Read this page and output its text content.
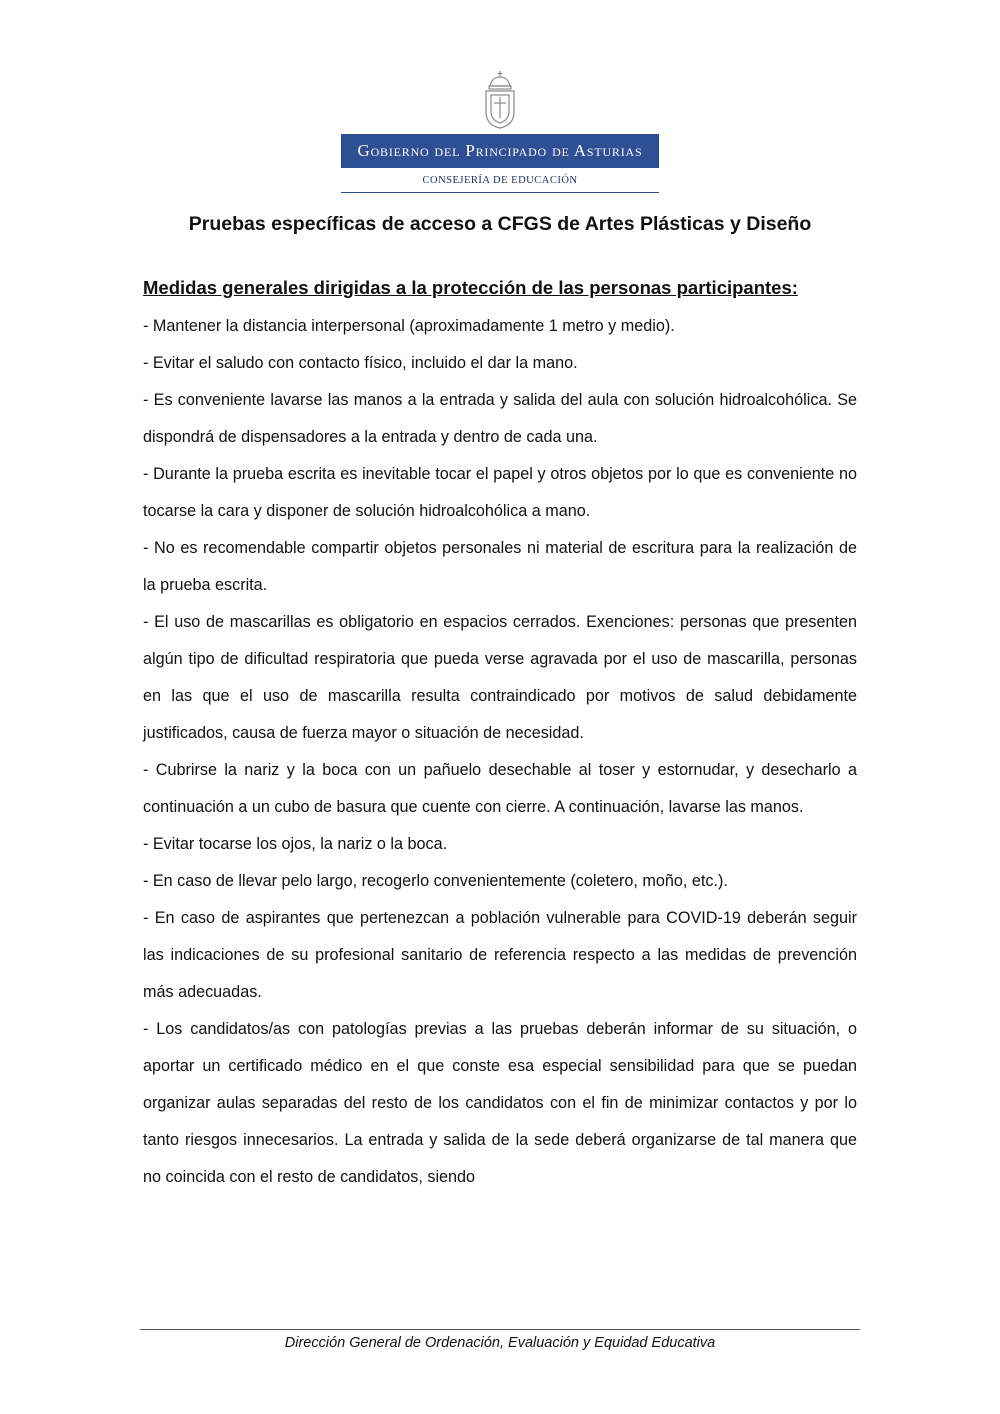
Gobierno del Principado de Asturias
CONSEJERÍA DE EDUCACIÓN
Pruebas específicas de acceso a CFGS de Artes Plásticas y Diseño
Medidas generales dirigidas a la protección de las personas participantes:

- Mantener la distancia interpersonal (aproximadamente 1 metro y medio).

- Evitar el saludo con contacto físico, incluido el dar la mano.

- Es conveniente lavarse las manos a la entrada y salida del aula con solución hidroalcohólica. Se dispondrá de dispensadores a la entrada y dentro de cada una.

- Durante la prueba escrita es inevitable tocar el papel y otros objetos por lo que es conveniente no tocarse la cara y disponer de solución hidroalcohólica a mano.

- No es recomendable compartir objetos personales ni material de escritura para la realización de la prueba escrita.

- El uso de mascarillas es obligatorio en espacios cerrados. Exenciones: personas que presenten algún tipo de dificultad respiratoria que pueda verse agravada por el uso de mascarilla, personas en las que el uso de mascarilla resulta contraindicado por motivos de salud debidamente justificados, causa de fuerza mayor o situación de necesidad.

- Cubrirse la nariz y la boca con un pañuelo desechable al toser y estornudar, y desecharlo a continuación a un cubo de basura que cuente con cierre. A continuación, lavarse las manos.

- Evitar tocarse los ojos, la nariz o la boca.

- En caso de llevar pelo largo, recogerlo convenientemente (coletero, moño, etc.).

- En caso de aspirantes que pertenezcan a población vulnerable para COVID-19 deberán seguir las indicaciones de su profesional sanitario de referencia respecto a las medidas de prevención más adecuadas.

- Los candidatos/as con patologías previas a las pruebas deberán informar de su situación, o aportar un certificado médico en el que conste esa especial sensibilidad para que se puedan organizar aulas separadas del resto de los candidatos con el fin de minimizar contactos y por lo tanto riesgos innecesarios. La entrada y salida de la sede deberá organizarse de tal manera que no coincida con el resto de candidatos, siendo

Dirección General de Ordenación, Evaluación y Equidad Educativa
